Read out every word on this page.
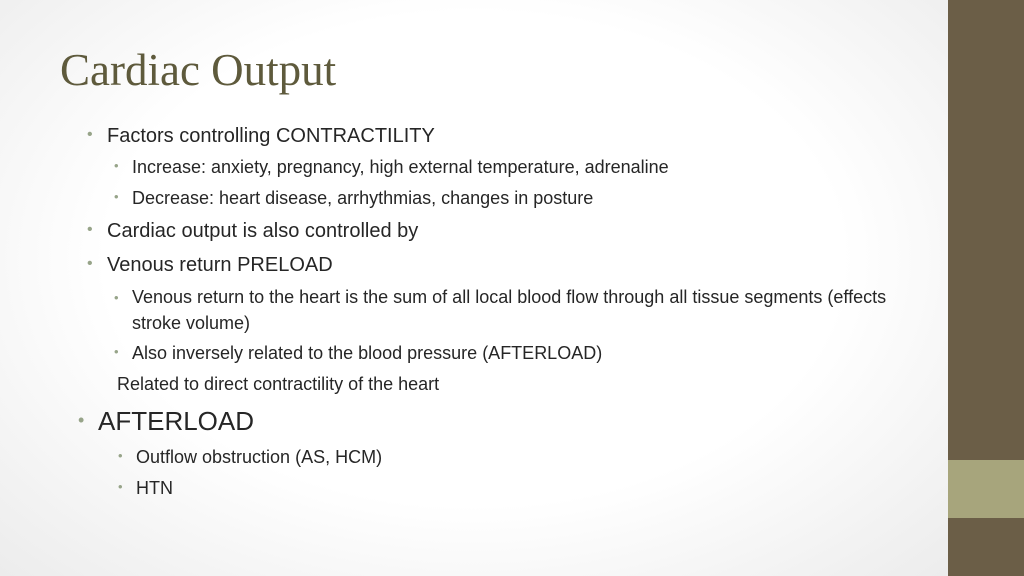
Cardiac Output
• Factors controlling CONTRACTILITY
• Increase: anxiety, pregnancy, high external temperature, adrenaline
• Decrease: heart disease, arrhythmias, changes in posture
• Cardiac output is also controlled by
• Venous return PRELOAD
• Venous return to the heart is the sum of all local blood flow through all tissue segments (effects stroke volume)
• Also inversely related to the blood pressure (AFTERLOAD)
Related to direct contractility of the heart
• AFTERLOAD
• Outflow obstruction (AS, HCM)
• HTN
